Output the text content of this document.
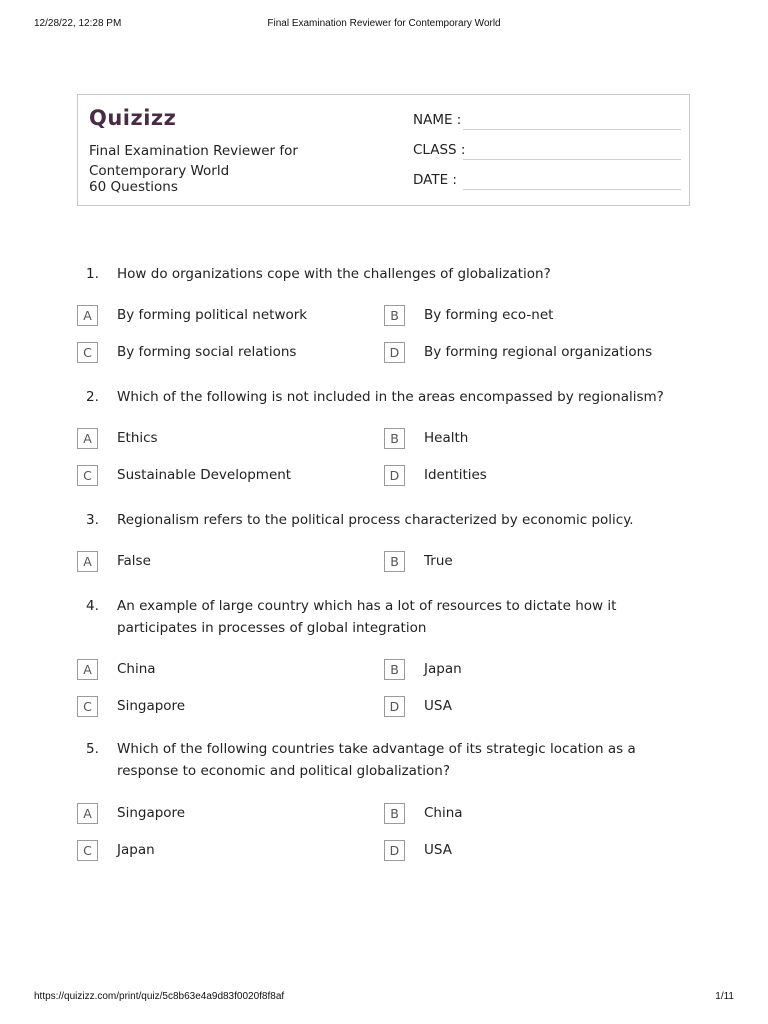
12/28/22, 12:28 PM	Final Examination Reviewer for Contemporary World
Quizizz
Final Examination Reviewer for Contemporary World
60 Questions
NAME :
CLASS :
DATE :
1. How do organizations cope with the challenges of globalization?
A	By forming political network	B	By forming eco-net
C	By forming social relations	D	By forming regional organizations
2. Which of the following is not included in the areas encompassed by regionalism?
A	Ethics	B	Health
C	Sustainable Development	D	Identities
3. Regionalism refers to the political process characterized by economic policy.
A	False	B	True
4. An example of large country which has a lot of resources to dictate how it participates in processes of global integration
A	China	B	Japan
C	Singapore	D	USA
5. Which of the following countries take advantage of its strategic location as a response to economic and political globalization?
A	Singapore	B	China
C	Japan	D	USA
https://quizizz.com/print/quiz/5c8b63e4a9d83f0020f8f8af	1/11
